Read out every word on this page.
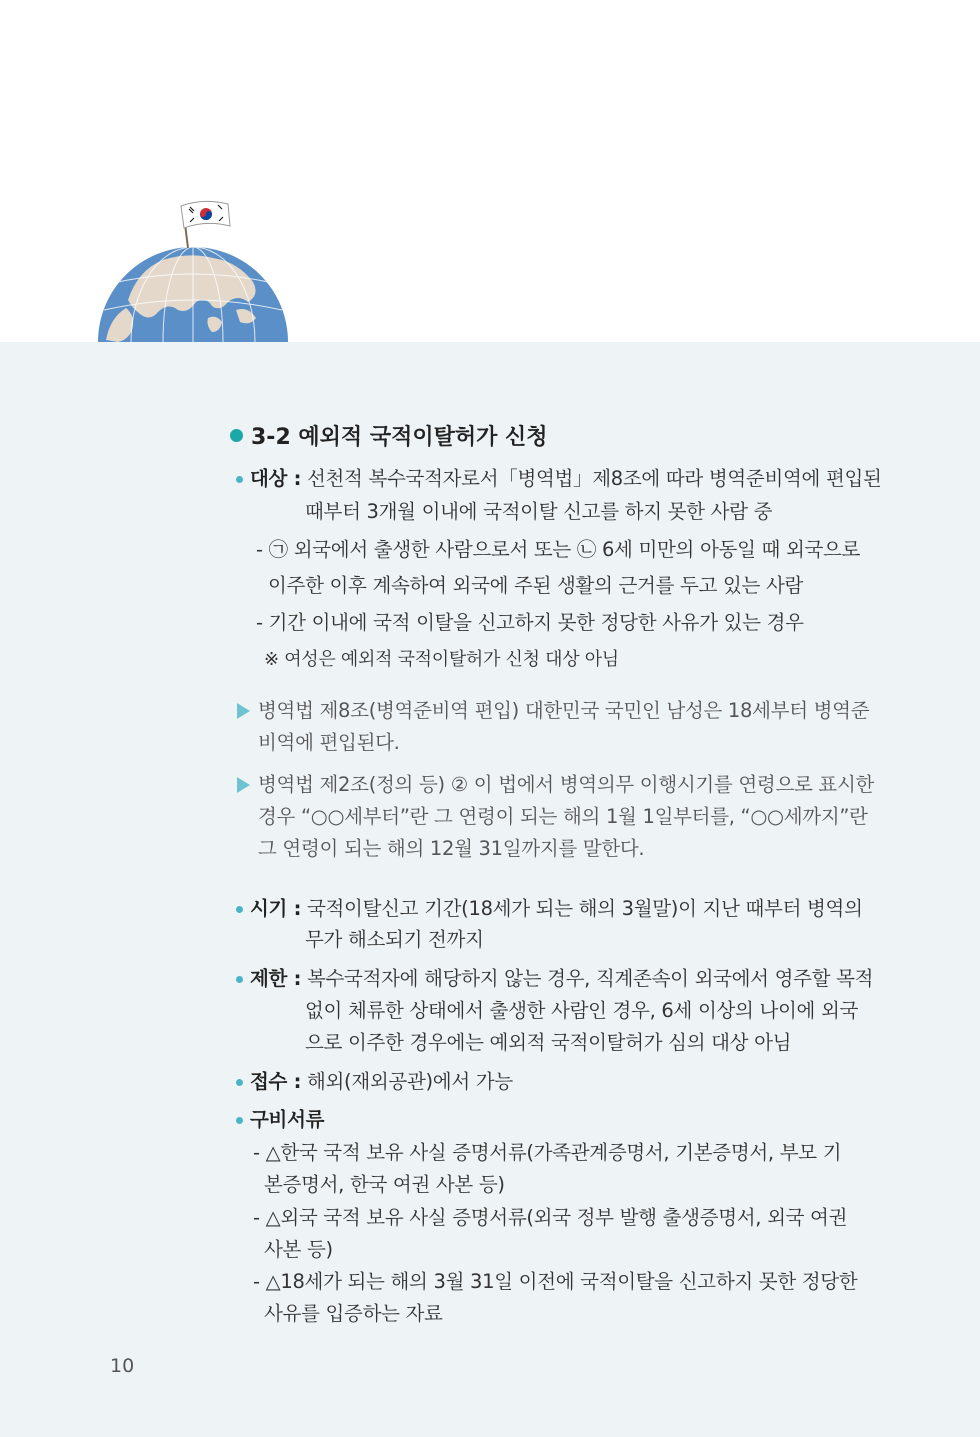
3-2 예외적 국적이탈허가 신청
대상 : 선천적 복수국적자로서「병역법」제8조에 따라 병역준비역에 편입된
때부터 3개월 이내에 국적이탈 신고를 하지 못한 사람 중
- ㉠ 외국에서 출생한 사람으로서 또는 ㉡ 6세 미만의 아동일 때 외국으로
이주한 이후 계속하여 외국에 주된 생활의 근거를 두고 있는 사람
- 기간 이내에 국적 이탈을 신고하지 못한 정당한 사유가 있는 경우
※ 여성은 예외적 국적이탈허가 신청 대상 아님
병역법 제8조(병역준비역 편입) 대한민국 국민인 남성은 18세부터 병역준
비역에 편입된다.
병역법 제2조(정의 등) ② 이 법에서 병역의무 이행시기를 연령으로 표시한
경우 “○○세부터”란 그 연령이 되는 해의 1월 1일부터를, “○○세까지”란
그 연령이 되는 해의 12월 31일까지를 말한다.
시기 : 국적이탈신고 기간(18세가 되는 해의 3월말)이 지난 때부터 병역의
무가 해소되기 전까지
제한 : 복수국적자에 해당하지 않는 경우, 직계존속이 외국에서 영주할 목적
없이 체류한 상태에서 출생한 사람인 경우, 6세 이상의 나이에 외국
으로 이주한 경우에는 예외적 국적이탈허가 심의 대상 아님
접수 : 해외(재외공관)에서 가능
구비서류
- △한국 국적 보유 사실 증명서류(가족관계증명서, 기본증명서, 부모 기
본증명서, 한국 여권 사본 등)
- △외국 국적 보유 사실 증명서류(외국 정부 발행 출생증명서, 외국 여권
사본 등)
- △18세가 되는 해의 3월 31일 이전에 국적이탈을 신고하지 못한 정당한
사유를 입증하는 자료
10
